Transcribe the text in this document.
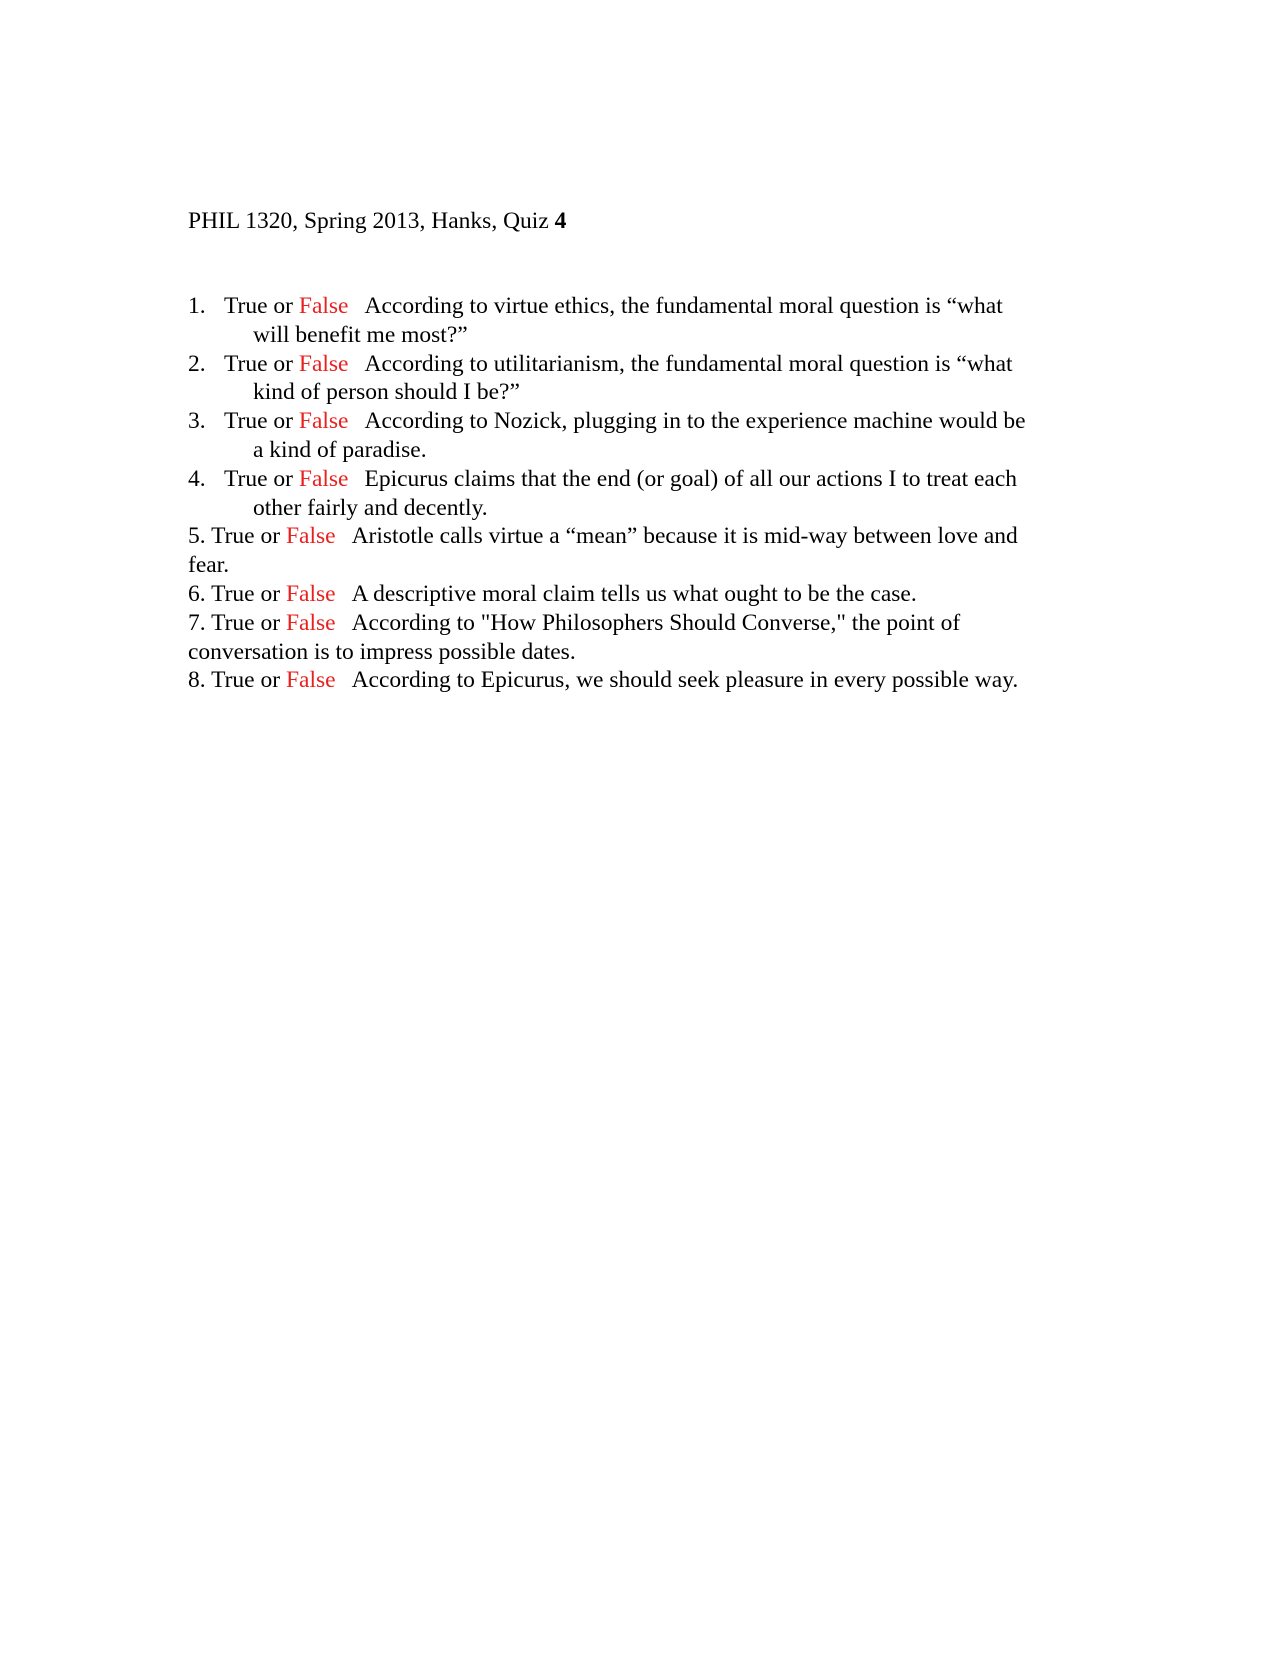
PHIL 1320, Spring 2013, Hanks, Quiz 4
1. True or False According to virtue ethics, the fundamental moral question is “what
will benefit me most?”
2. True or False According to utilitarianism, the fundamental moral question is “what
kind of person should I be?”
3. True or False According to Nozick, plugging in to the experience machine would be
a kind of paradise.
4. True or False Epicurus claims that the end (or goal) of all our actions I to treat each
other fairly and decently.
5. True or False Aristotle calls virtue a “mean” because it is mid-way between love and
fear.
6. True or False A descriptive moral claim tells us what ought to be the case.
7. True or False According to "How Philosophers Should Converse," the point of
conversation is to impress possible dates.
8. True or False According to Epicurus, we should seek pleasure in every possible way.
